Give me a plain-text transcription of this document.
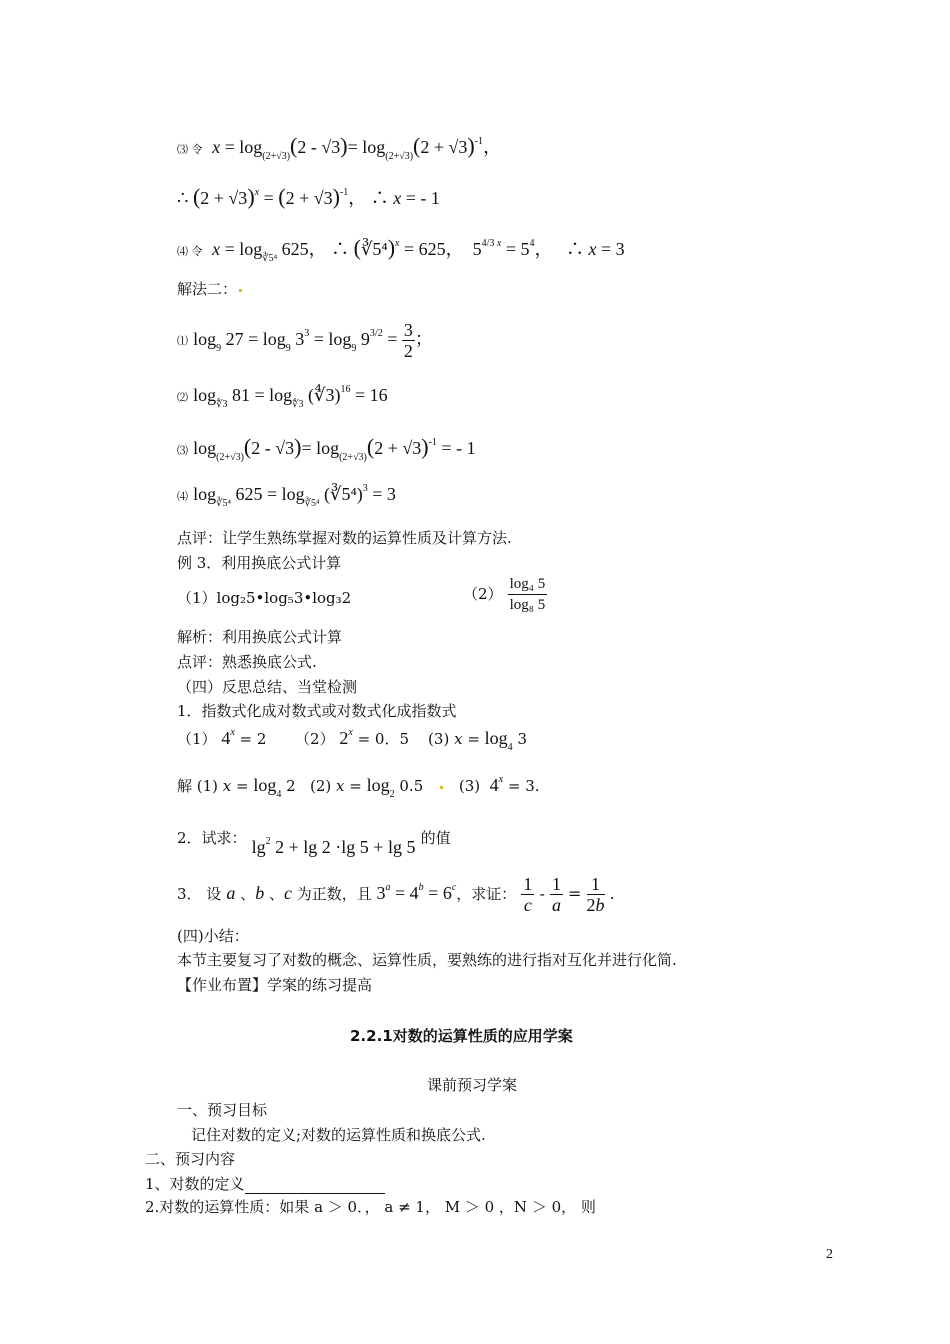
⑶ 令 $x = \log_{(2+√3)}(2 - √3)= \log_{(2+√3)}(2 + √3)^{-1}$，
∴ $(2 + √3)^x = (2 + √3)^{-1}$， ∴ x = - 1
⑷ 令 $x = \log_{∛5^4} 625$， ∴ (∛5⁴)$^x$ = 625，  $5^{4/3 x} = 5^4$，   ∴ x = 3
解法二：
⑴ $\log_9 27 = \log_9 3^3 = \log_9 9^{3/2} = \frac{3}{2}$ ；
⑵ $\log_{∜3} 81 = \log_{∜3}$ (∜3)$^{16}$ = 16
⑶ $\log_{(2+√3)}(2 - √3)= \log_{(2+√3)}(2 + √3)^{-1}$ = - 1
⑷ $\log_{∛5^4} 625 = \log_{∛5^4}$ (∛5⁴)$^3$ = 3
点评：让学生熟练掌握对数的运算性质及计算方法.
例 3．利用换底公式计算
（1）log₂5•log₅3•log₃2	$(2) \frac{\text{log₄ 5}}{\text{log₈ 5}}$
解析：利用换底公式计算
点评：熟悉换底公式.
（四）反思总结、当堂检测
1．指数式化成对数式或对数式化成指数式
（1） $4^x = 2$      （2） $2^x = 0$．5    (3) $x = \log_4 3$
解 (1) $x = \log_4 2$   (2) $x = \log_2 0.5$      (3)  $4^x = 3$.
2．试求： $\lg^2 2 + \lg 2 \cdot\lg$ 5 + lg 5 的值
3． 设 a 、b 、c 为正数，且 $3^a = 4^b = 6^c$，求证： $\frac{1}{c} - \frac{1}{a} = \frac{1}{2b}$ .
(四)小结：
本节主要复习了对数的概念、运算性质，要熟练的进行指对互化并进行化简.
【作业布置】学案的练习提高
2.2.1对数的运算性质的应用学案
课前预习学案
一、预习目标
记住对数的定义;对数的运算性质和换底公式.
二、预习内容
1、对数的定义
2.对数的运算性质：如果 a ＞ 0．， a ≠ 1， M ＞ 0 ，N ＞ 0， 则
2
